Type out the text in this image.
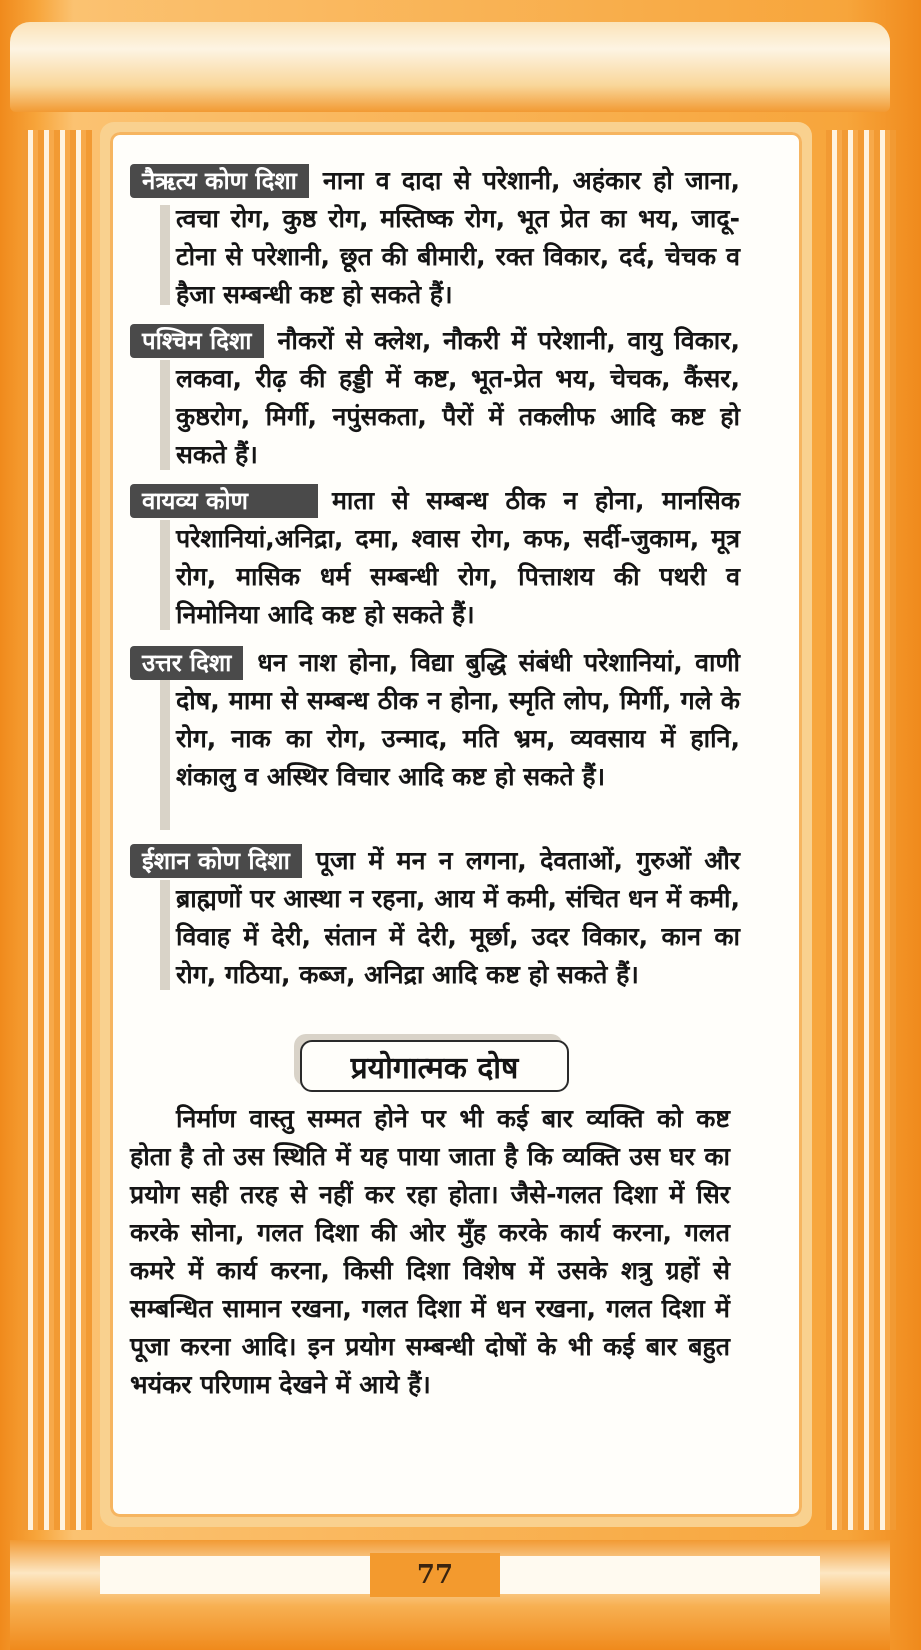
नैऋत्य कोण दिशा नाना व दादा से परेशानी, अहंकार हो जाना, त्वचा रोग, कुष्ठ रोग, मस्तिष्क रोग, भूत प्रेत का भय, जादू-टोना से परेशानी, छूत की बीमारी, रक्त विकार, दर्द, चेचक व हैजा सम्बन्धी कष्ट हो सकते हैं।

पश्चिम दिशा नौकरों से क्लेश, नौकरी में परेशानी, वायु विकार, लकवा, रीढ़ की हड्डी में कष्ट, भूत-प्रेत भय, चेचक, कैंसर, कुष्ठरोग, मिर्गी, नपुंसकता, पैरों में तकलीफ आदि कष्ट हो सकते हैं।

वायव्य कोण	माता से सम्बन्ध ठीक न होना, मानसिक परेशानियां,अनिद्रा, दमा, श्वास रोग, कफ, सर्दी-जुकाम, मूत्र रोग, मासिक धर्म सम्बन्धी रोग, पित्ताशय की पथरी व निमोनिया आदि कष्ट हो सकते हैं।

उत्तर दिशा धन नाश होना, विद्या बुद्धि संबंधी परेशानियां, वाणी दोष, मामा से सम्बन्ध ठीक न होना, स्मृति लोप, मिर्गी, गले के रोग, नाक का रोग, उन्माद, मति भ्रम, व्यवसाय में हानि, शंकालु व अस्थिर विचार आदि कष्ट हो सकते हैं।

ईशान कोण दिशा पूजा में मन न लगना, देवताओं, गुरुओं और ब्राह्मणों पर आस्था न रहना, आय में कमी, संचित धन में कमी, विवाह में देरी, संतान में देरी, मूर्छा, उदर विकार, कान का रोग, गठिया, कब्ज, अनिद्रा आदि कष्ट हो सकते हैं।

प्रयोगात्मक दोष

निर्माण वास्तु सम्मत होने पर भी कई बार व्यक्ति को कष्ट होता है तो उस स्थिति में यह पाया जाता है कि व्यक्ति उस घर का प्रयोग सही तरह से नहीं कर रहा होता। जैसे-गलत दिशा में सिर करके सोना, गलत दिशा की ओर मुँह करके कार्य करना, गलत कमरे में कार्य करना, किसी दिशा विशेष में उसके शत्रु ग्रहों से सम्बन्धित सामान रखना, गलत दिशा में धन रखना, गलत दिशा में पूजा करना आदि। इन प्रयोग सम्बन्धी दोषों के भी कई बार बहुत भयंकर परिणाम देखने में आये हैं।

77
